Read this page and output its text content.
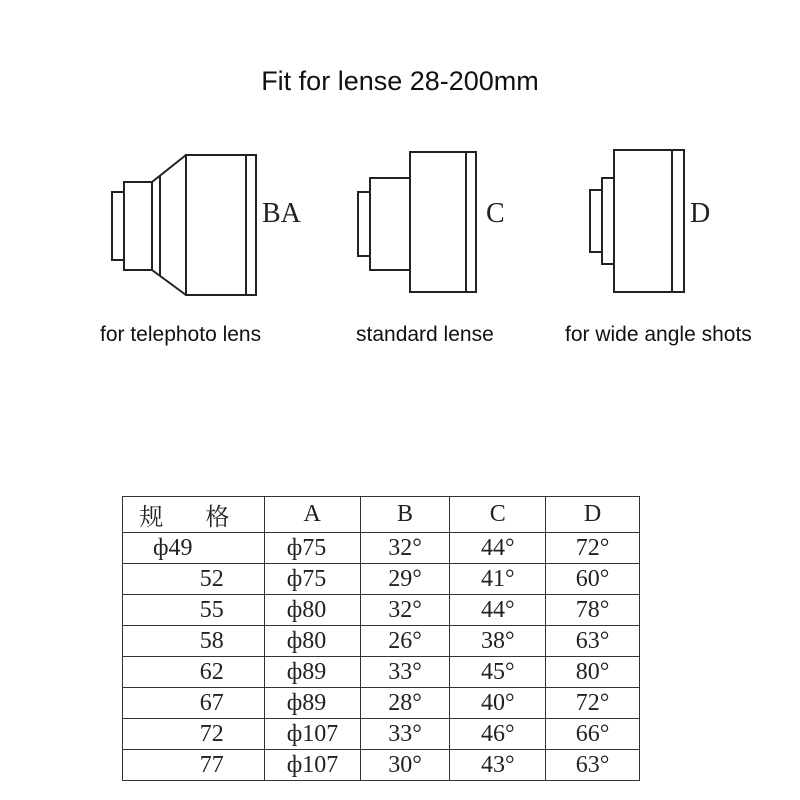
Fit for lense 28-200mm
BA	C	D
for telephoto lens	standard lense	for wide angle shots
规 格	A	B	C	D
ф49	ф75	32°	44°	72°
52	ф75	29°	41°	60°
55	ф80	32°	44°	78°
58	ф80	26°	38°	63°
62	ф89	33°	45°	80°
67	ф89	28°	40°	72°
72	ф107	33°	46°	66°
77	ф107	30°	43°	63°
